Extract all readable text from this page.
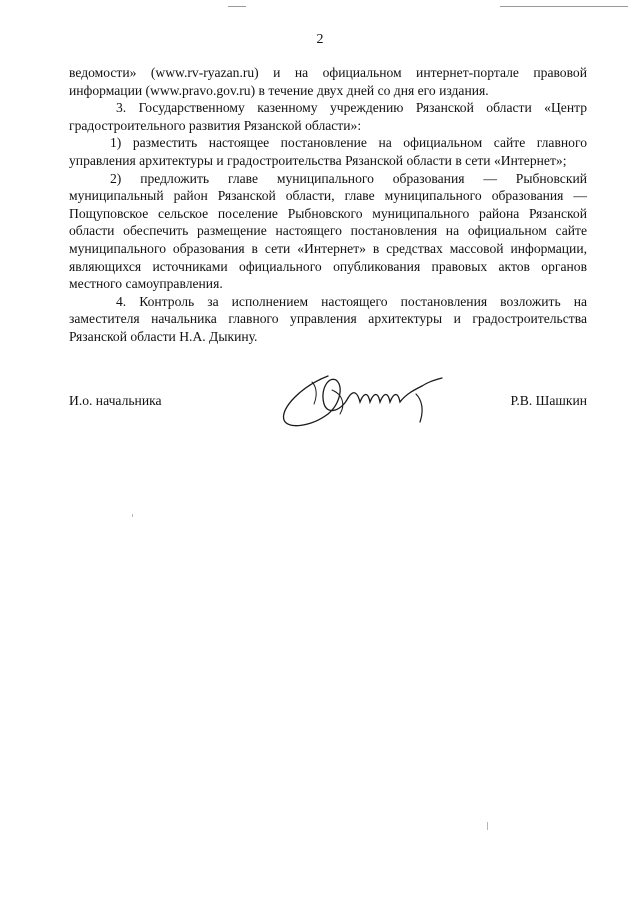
2

ведомости» (www.rv-ryazan.ru) и на официальном интернет-портале правовой информации (www.pravo.gov.ru) в течение двух дней со дня его издания.

3. Государственному казенному учреждению Рязанской области «Центр градостроительного развития Рязанской области»:

1) разместить настоящее постановление на официальном сайте главного управления архитектуры и градостроительства Рязанской области в сети «Интернет»;

2) предложить главе муниципального образования — Рыбновский муниципальный район Рязанской области, главе муниципального образования — Пощуповское сельское поселение Рыбновского муниципального района Рязанской области обеспечить размещение настоящего постановления на официальном сайте муниципального образования в сети «Интернет» в средствах массовой информации, являющихся источниками официального опубликования правовых актов органов местного самоуправления.

4. Контроль за исполнением настоящего постановления возложить на заместителя начальника главного управления архитектуры и градостроительства Рязанской области Н.А. Дыкину.

И.о. начальника	Р.В. Шашкин
